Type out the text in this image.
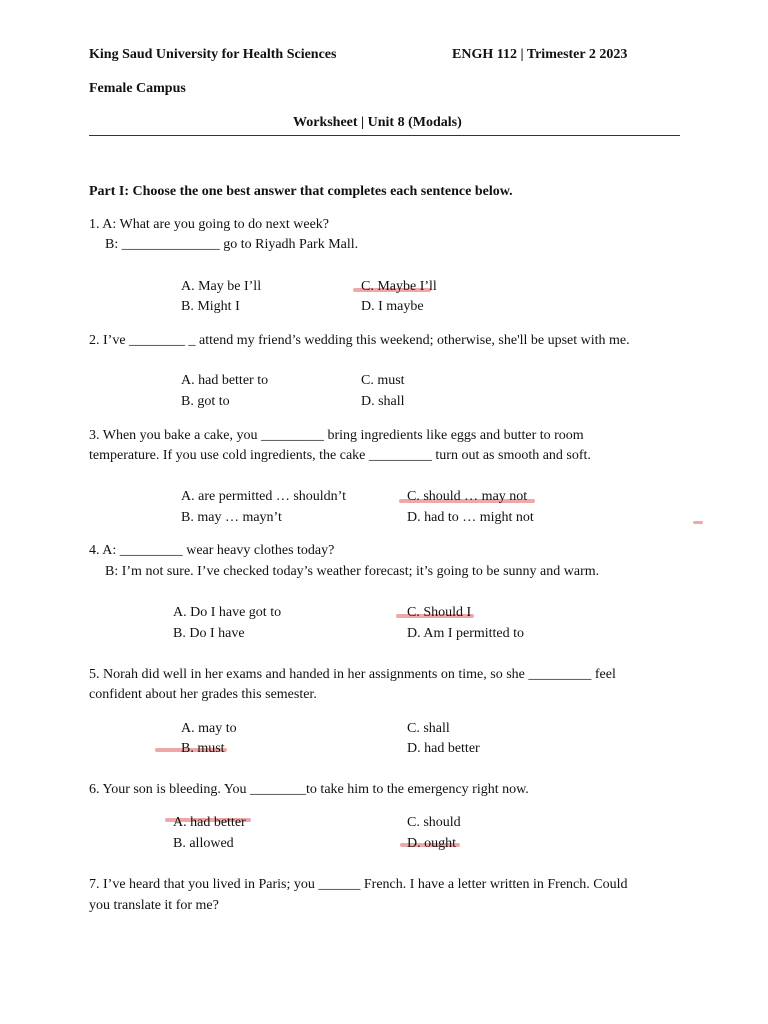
King Saud University for Health Sciences	ENGH 112 | Trimester 2 2023
Female Campus
Worksheet | Unit 8 (Modals)
Part I: Choose the one best answer that completes each sentence below.
1. A: What are you going to do next week?
B: ______________ go to Riyadh Park Mall.
A. May be I’ll
B. Might I
C. Maybe I’ll
D. I maybe
2. I’ve ________ _ attend my friend’s wedding this weekend; otherwise, she'll be upset with me.
A. had better to
B. got to
C. must
D. shall
3. When you bake a cake, you _________ bring ingredients like eggs and butter to room
temperature. If you use cold ingredients, the cake _________ turn out as smooth and soft.
A. are permitted … shouldn’t
B. may … mayn’t
C. should … may not
D. had to … might not
4. A: _________ wear heavy clothes today?
B: I’m not sure. I’ve checked today’s weather forecast; it’s going to be sunny and warm.
A. Do I have got to
B. Do I have
C. Should I
D. Am I permitted to
5. Norah did well in her exams and handed in her assignments on time, so she _________ feel
confident about her grades this semester.
A. may to
B. must
C. shall
D. had better
6. Your son is bleeding. You ________to take him to the emergency right now.
A. had better
B. allowed
C. should
D. ought
7. I’ve heard that you lived in Paris; you ______ French. I have a letter written in French. Could
you translate it for me?
